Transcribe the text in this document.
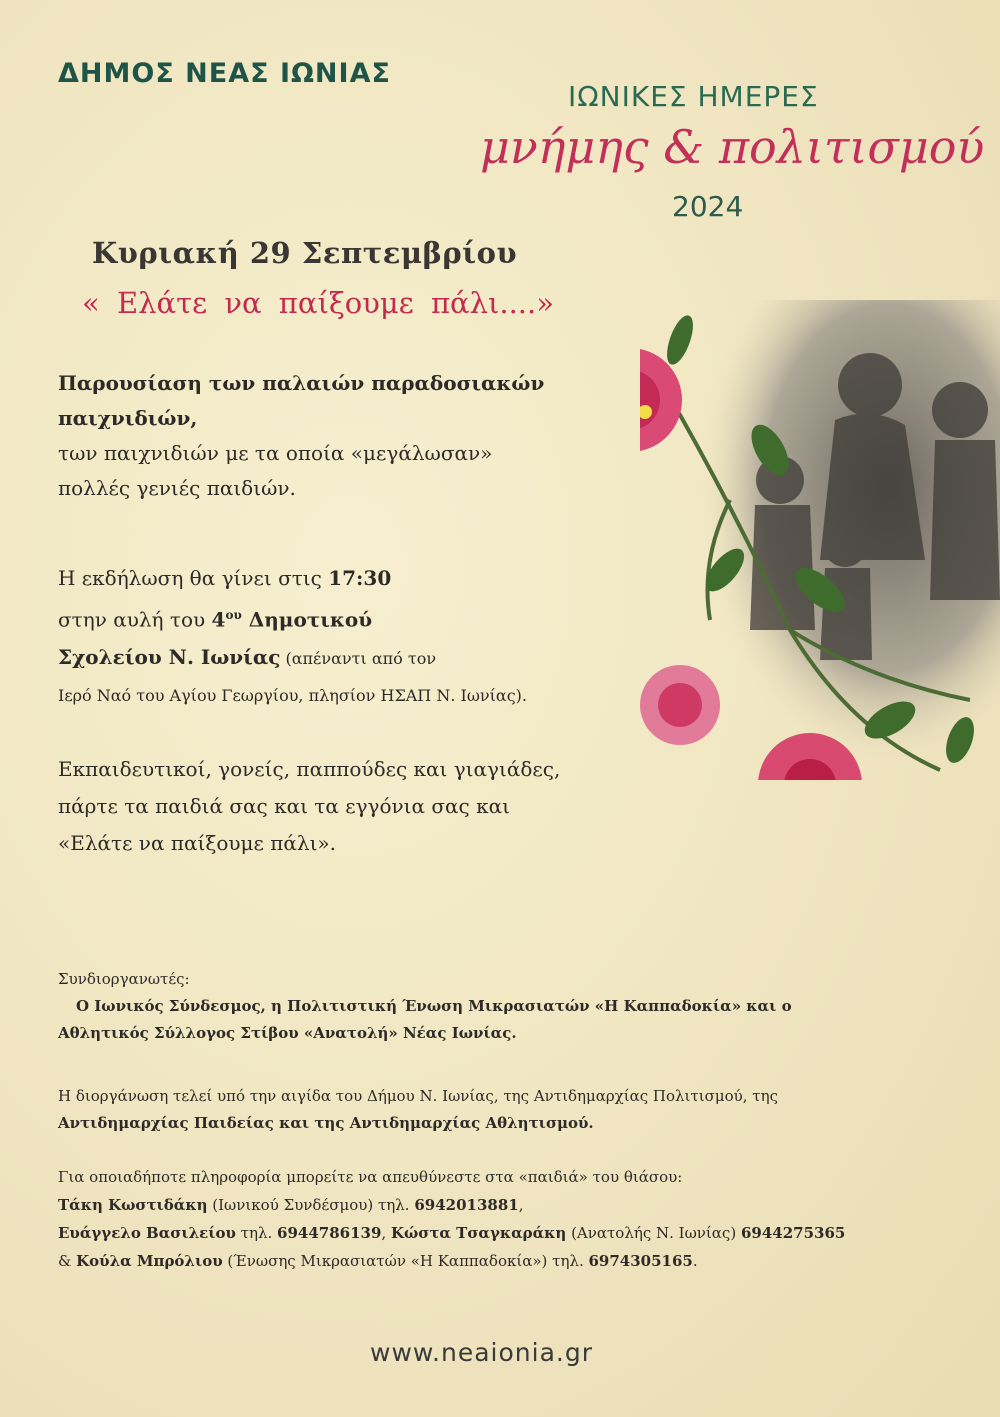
ΔΗΜΟΣ ΝΕΑΣ ΙΩΝΙΑΣ
ΙΩΝΙΚΕΣ ΗΜΕΡΕΣ
μνήμης & πολιτισμού
2024
Κυριακή 29 Σεπτεμβρίου
« Ελάτε να παίξουμε πάλι....»
Παρουσίαση των παλαιών παραδοσιακών
παιχνιδιών,
των παιχνιδιών με τα οποία «μεγάλωσαν»
πολλές γενιές παιδιών.
Η εκδήλωση θα γίνει στις 17:30
στην αυλή του $4^{o\upsilon}$ Δημοτικού
Σχολείου Ν. Ιωνίας (απέναντι από τον
Ιερό Ναό του Αγίου Γεωργίου, πλησίον ΗΣΑΠ Ν. Ιωνίας).
Εκπαιδευτικοί, γονείς, παππούδες και γιαγιάδες,
πάρτε τα παιδιά σας και τα εγγόνια σας και
«Ελάτε να παίξουμε πάλι».
Συνδιοργανωτές:
Ο Ιωνικός Σύνδεσμος, η Πολιτιστική Ένωση Μικρασιατών «Η Καππαδοκία» και ο
Αθλητικός Σύλλογος Στίβου «Ανατολή» Νέας Ιωνίας.
Η διοργάνωση τελεί υπό την αιγίδα του Δήμου Ν. Ιωνίας, της Αντιδημαρχίας Πολιτισμού, της
Αντιδημαρχίας Παιδείας και της Αντιδημαρχίας Αθλητισμού.
Για οποιαδήποτε πληροφορία μπορείτε να απευθύνεστε στα «παιδιά» του θιάσου:
Τάκη Κωστιδάκη (Ιωνικού Συνδέσμου) τηλ. 6942013881,
Ευάγγελο Βασιλείου τηλ. 6944786139, Κώστα Τσαγκαράκη (Ανατολής Ν. Ιωνίας) 6944275365
& Κούλα Μπρόλιου (Ένωσης Μικρασιατών «Η Καππαδοκία») τηλ. 6974305165.
www.neaionia.gr
